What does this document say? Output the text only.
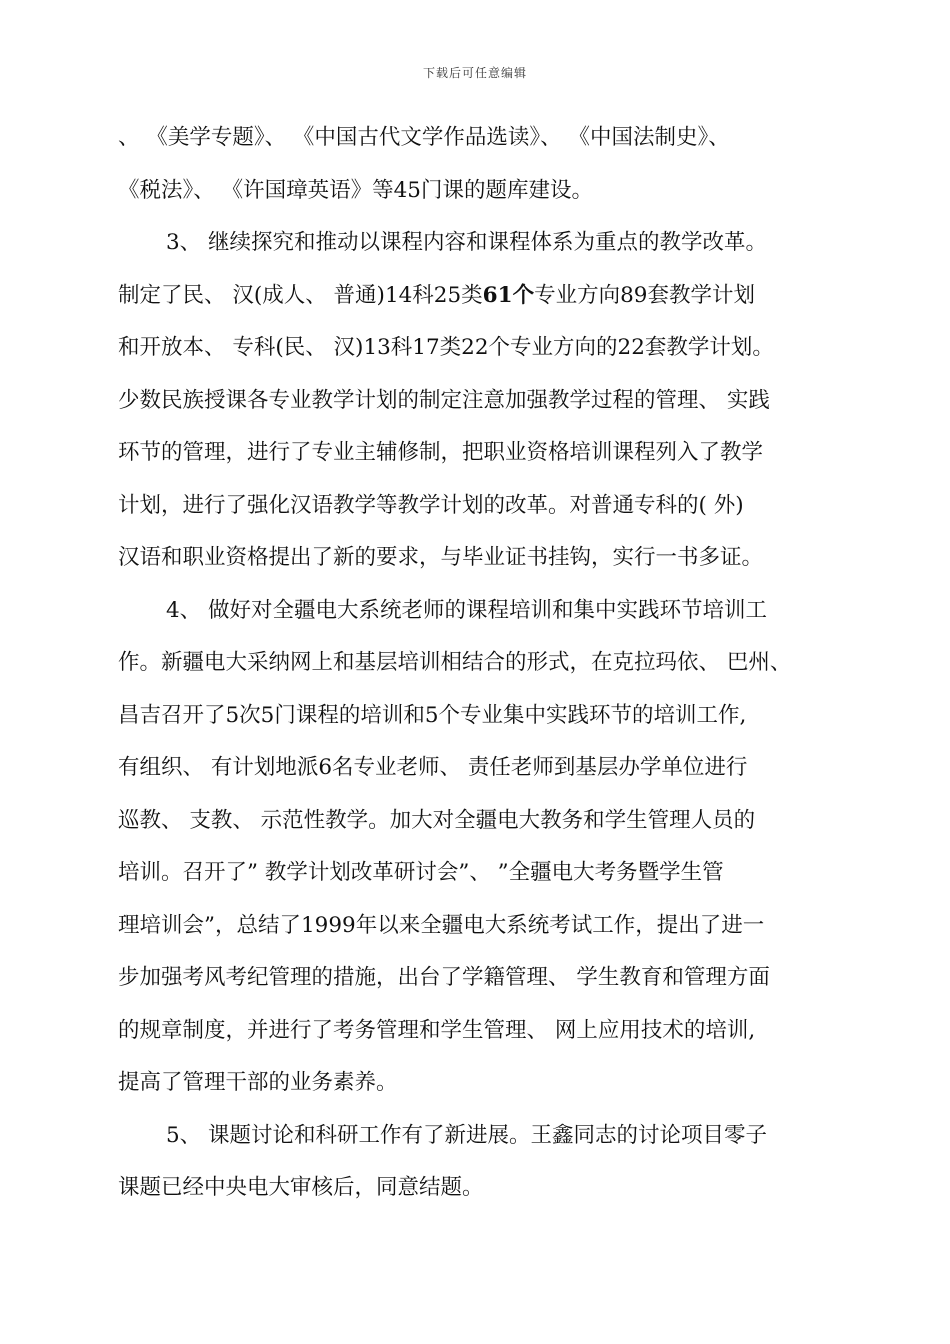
下载后可任意编辑
、 《美学专题》、 《中国古代文学作品选读》、 《中国法制史》、
《税法》、 《许国璋英语》等45门课的题库建设。
3、 继续探究和推动以课程内容和课程体系为重点的教学改革。
制定了民、 汉(成人、 普通)14科25类61个专业方向89套教学计划
和开放本、 专科(民、 汉)13科17类22个专业方向的22套教学计划。
少数民族授课各专业教学计划的制定注意加强教学过程的管理、 实践
环节的管理，进行了专业主辅修制，把职业资格培训课程列入了教学
计划，进行了强化汉语教学等教学计划的改革。对普通专科的( 外)
汉语和职业资格提出了新的要求，与毕业证书挂钩，实行一书多证。
4、 做好对全疆电大系统老师的课程培训和集中实践环节培训工
作。新疆电大采纳网上和基层培训相结合的形式，在克拉玛依、 巴州、
昌吉召开了5次5门课程的培训和5个专业集中实践环节的培训工作,
有组织、 有计划地派6名专业老师、 责任老师到基层办学单位进行
巡教、 支教、 示范性教学。加大对全疆电大教务和学生管理人员的
培训。召开了” 教学计划改革研讨会”、 ”全疆电大考务暨学生管
理培训会”，总结了1999年以来全疆电大系统考试工作，提出了进一
步加强考风考纪管理的措施，出台了学籍管理、 学生教育和管理方面
的规章制度，并进行了考务管理和学生管理、 网上应用技术的培训,
提高了管理干部的业务素养。
5、 课题讨论和科研工作有了新进展。王鑫同志的讨论项目零子
课题已经中央电大审核后，同意结题。
